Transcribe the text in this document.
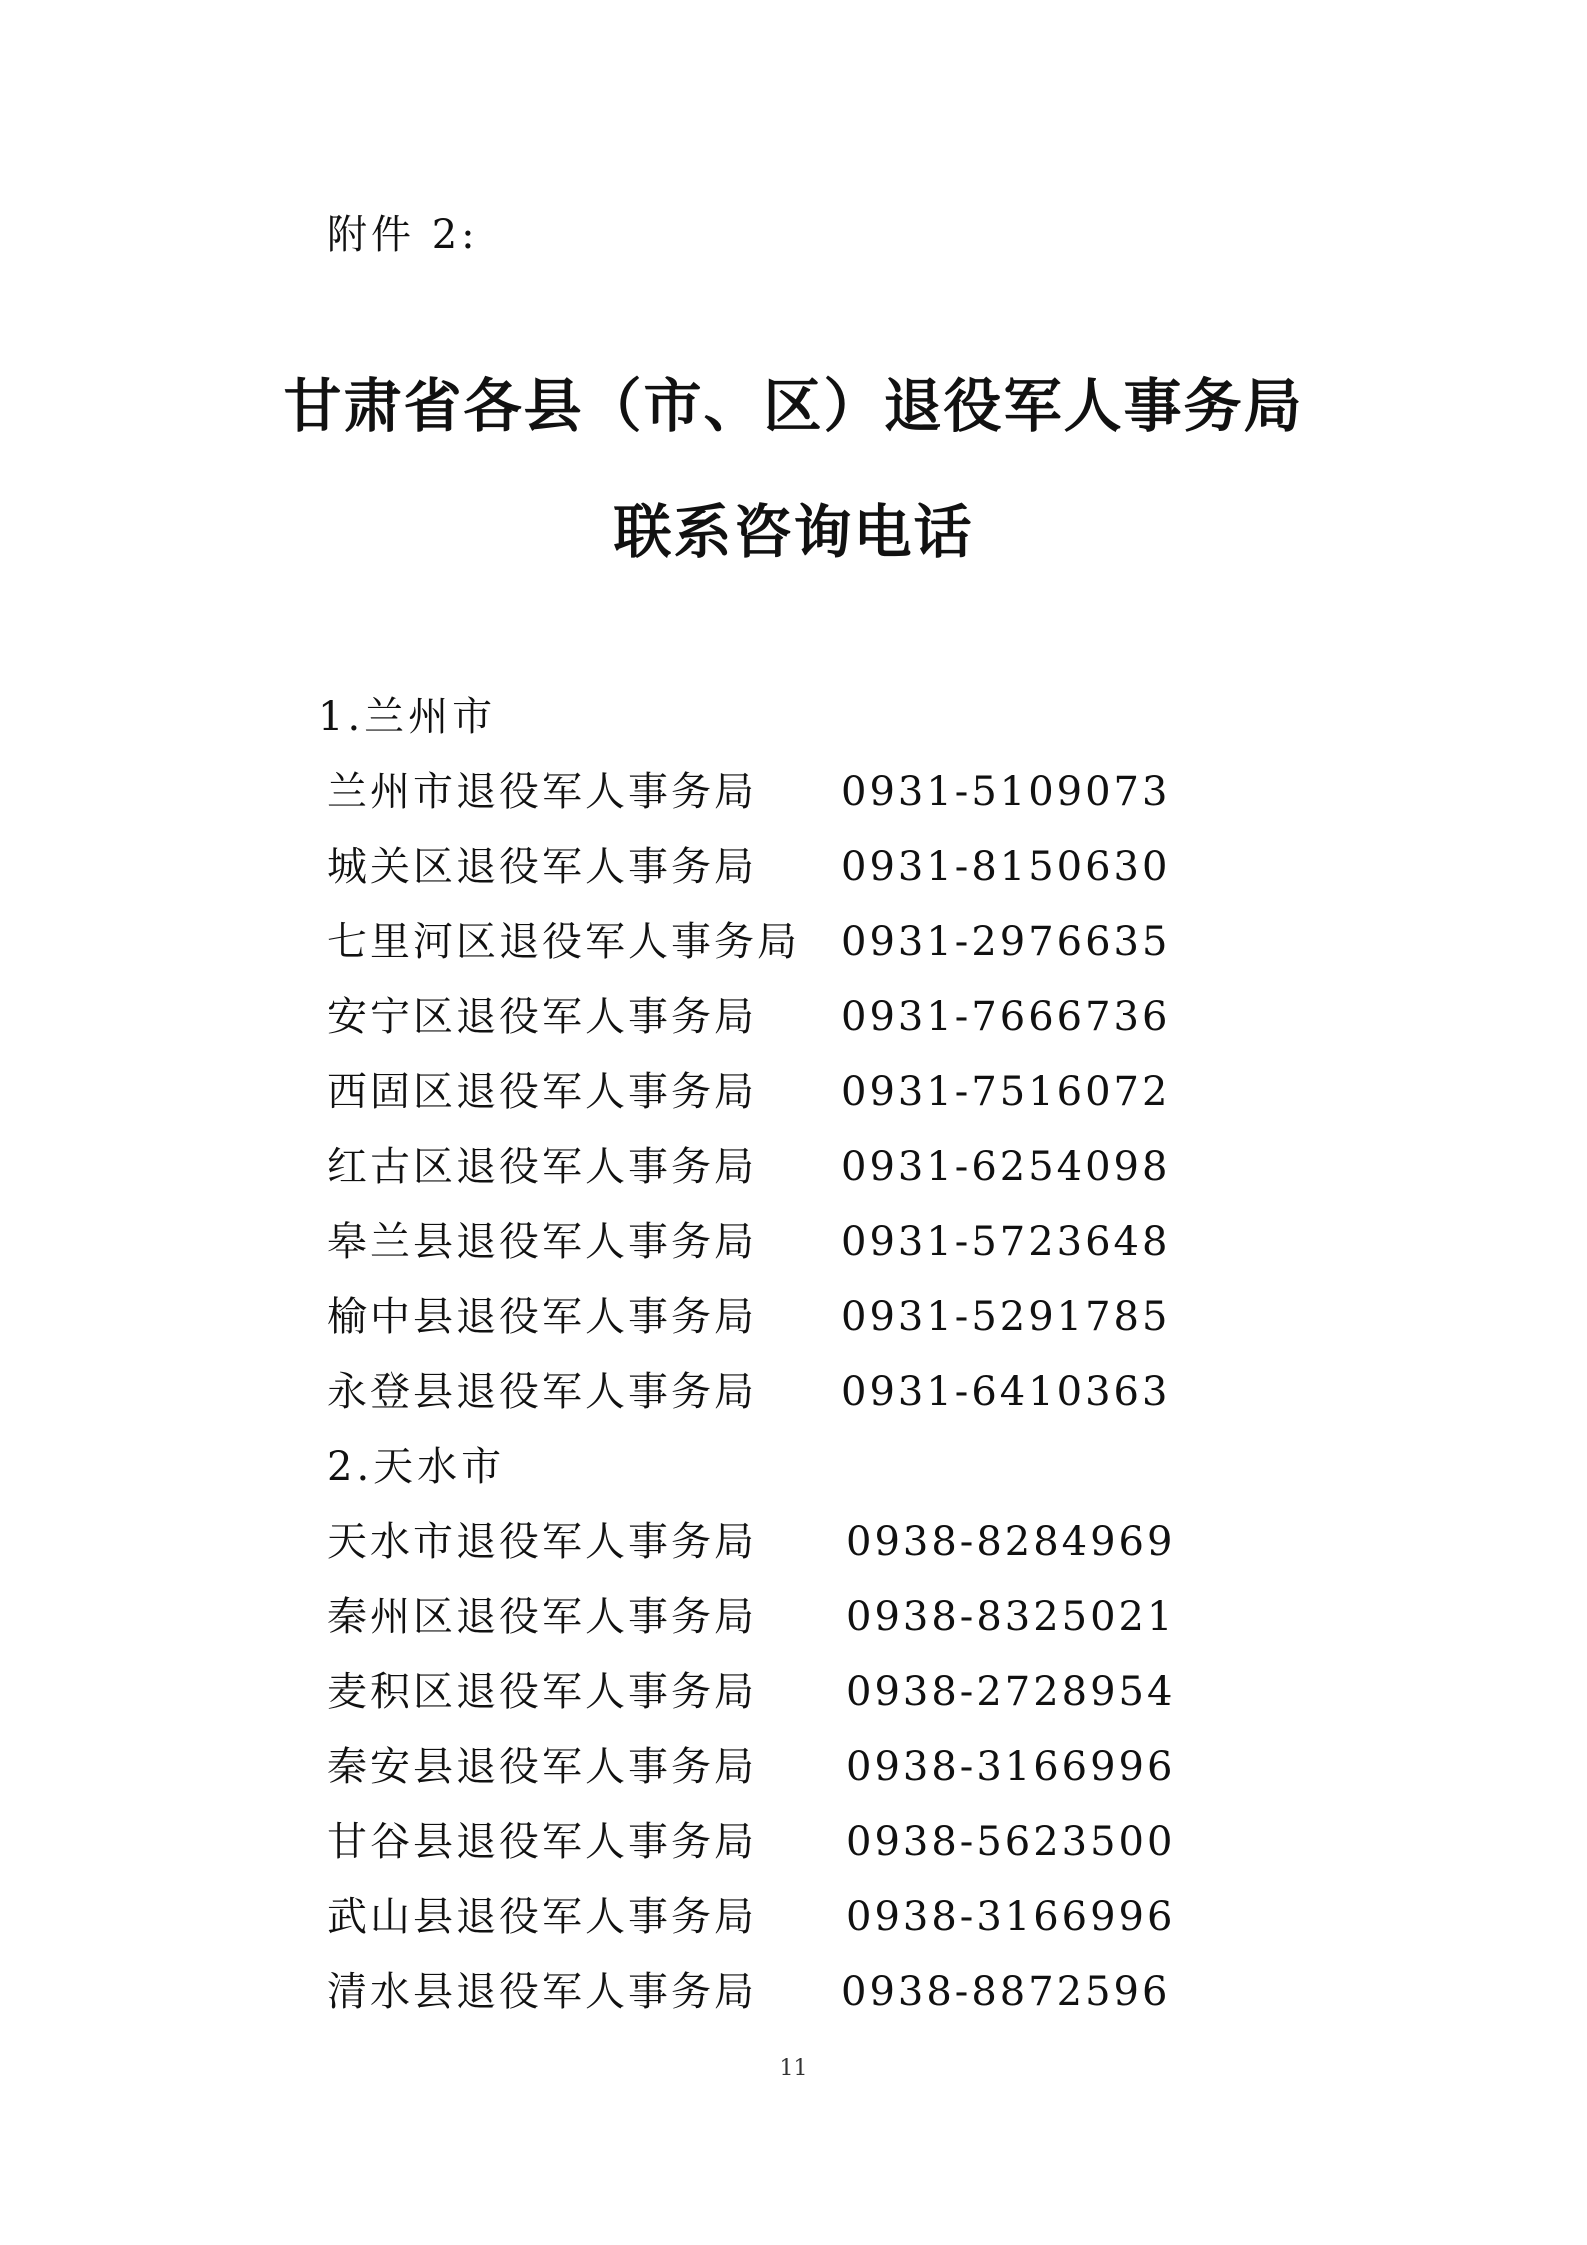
附件 2:
甘肃省各县（市、区）退役军人事务局
联系咨询电话
1.兰州市
兰州市退役军人事务局 0931-5109073
城关区退役军人事务局 0931-8150630
七里河区退役军人事务局 0931-2976635
安宁区退役军人事务局 0931-7666736
西固区退役军人事务局 0931-7516072
红古区退役军人事务局 0931-6254098
皋兰县退役军人事务局 0931-5723648
榆中县退役军人事务局 0931-5291785
永登县退役军人事务局 0931-6410363
2.天水市
天水市退役军人事务局 0938-8284969
秦州区退役军人事务局 0938-8325021
麦积区退役军人事务局 0938-2728954
秦安县退役军人事务局 0938-3166996
甘谷县退役军人事务局 0938-5623500
武山县退役军人事务局 0938-3166996
清水县退役军人事务局 0938-8872596
11
